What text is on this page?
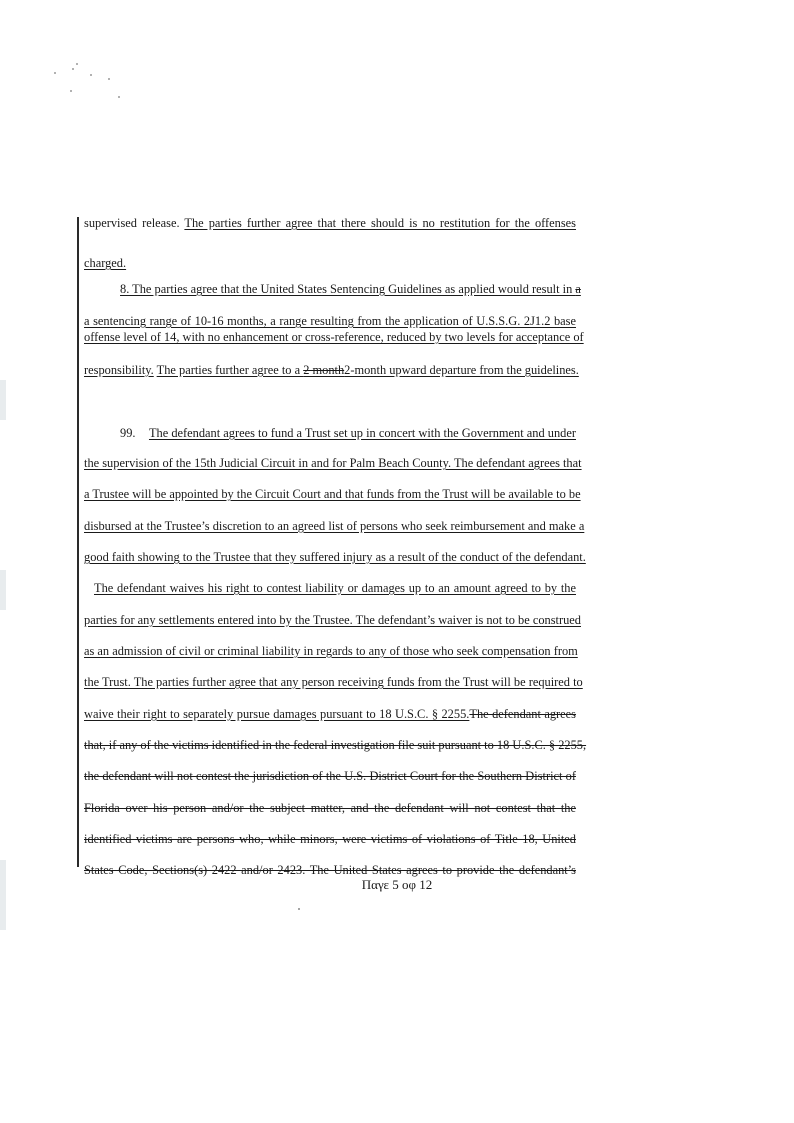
supervised release. The parties further agree that there should is no restitution for the offenses
charged.
8. The parties agree that the United States Sentencing Guidelines as applied would result in a
a sentencing range of 10-16 months, a range resulting from the application of U.S.S.G. 2J1.2 base
offense level of 14, with no enhancement or cross-reference, reduced by two levels for acceptance of
responsibility. The parties further agree to a 2 month2-month upward departure from the guidelines.
99. The defendant agrees to fund a Trust set up in concert with the Government and under
the supervision of the 15th Judicial Circuit in and for Palm Beach County. The defendant agrees that
a Trustee will be appointed by the Circuit Court and that funds from the Trust will be available to be
disbursed at the Trustee’s discretion to an agreed list of persons who seek reimbursement and make a
good faith showing to the Trustee that they suffered injury as a result of the conduct of the defendant.
The defendant waives his right to contest liability or damages up to an amount agreed to by the
parties for any settlements entered into by the Trustee. The defendant’s waiver is not to be construed
as an admission of civil or criminal liability in regards to any of those who seek compensation from
the Trust. The parties further agree that any person receiving funds from the Trust will be required to
waive their right to separately pursue damages pursuant to 18 U.S.C. § 2255.The defendant agrees
that, if any of the victims identified in the federal investigation file suit pursuant to 18 U.S.C. § 2255,
the defendant will not contest the jurisdiction of the U.S. District Court for the Southern District of
Florida over his person and/or the subject matter, and the defendant will not contest that the
identified victims are persons who, while minors, were victims of violations of Title 18, United
States Code, Sections(s) 2422 and/or 2423. The United States agrees to provide the defendant’s
Παγε 5 οφ 12
